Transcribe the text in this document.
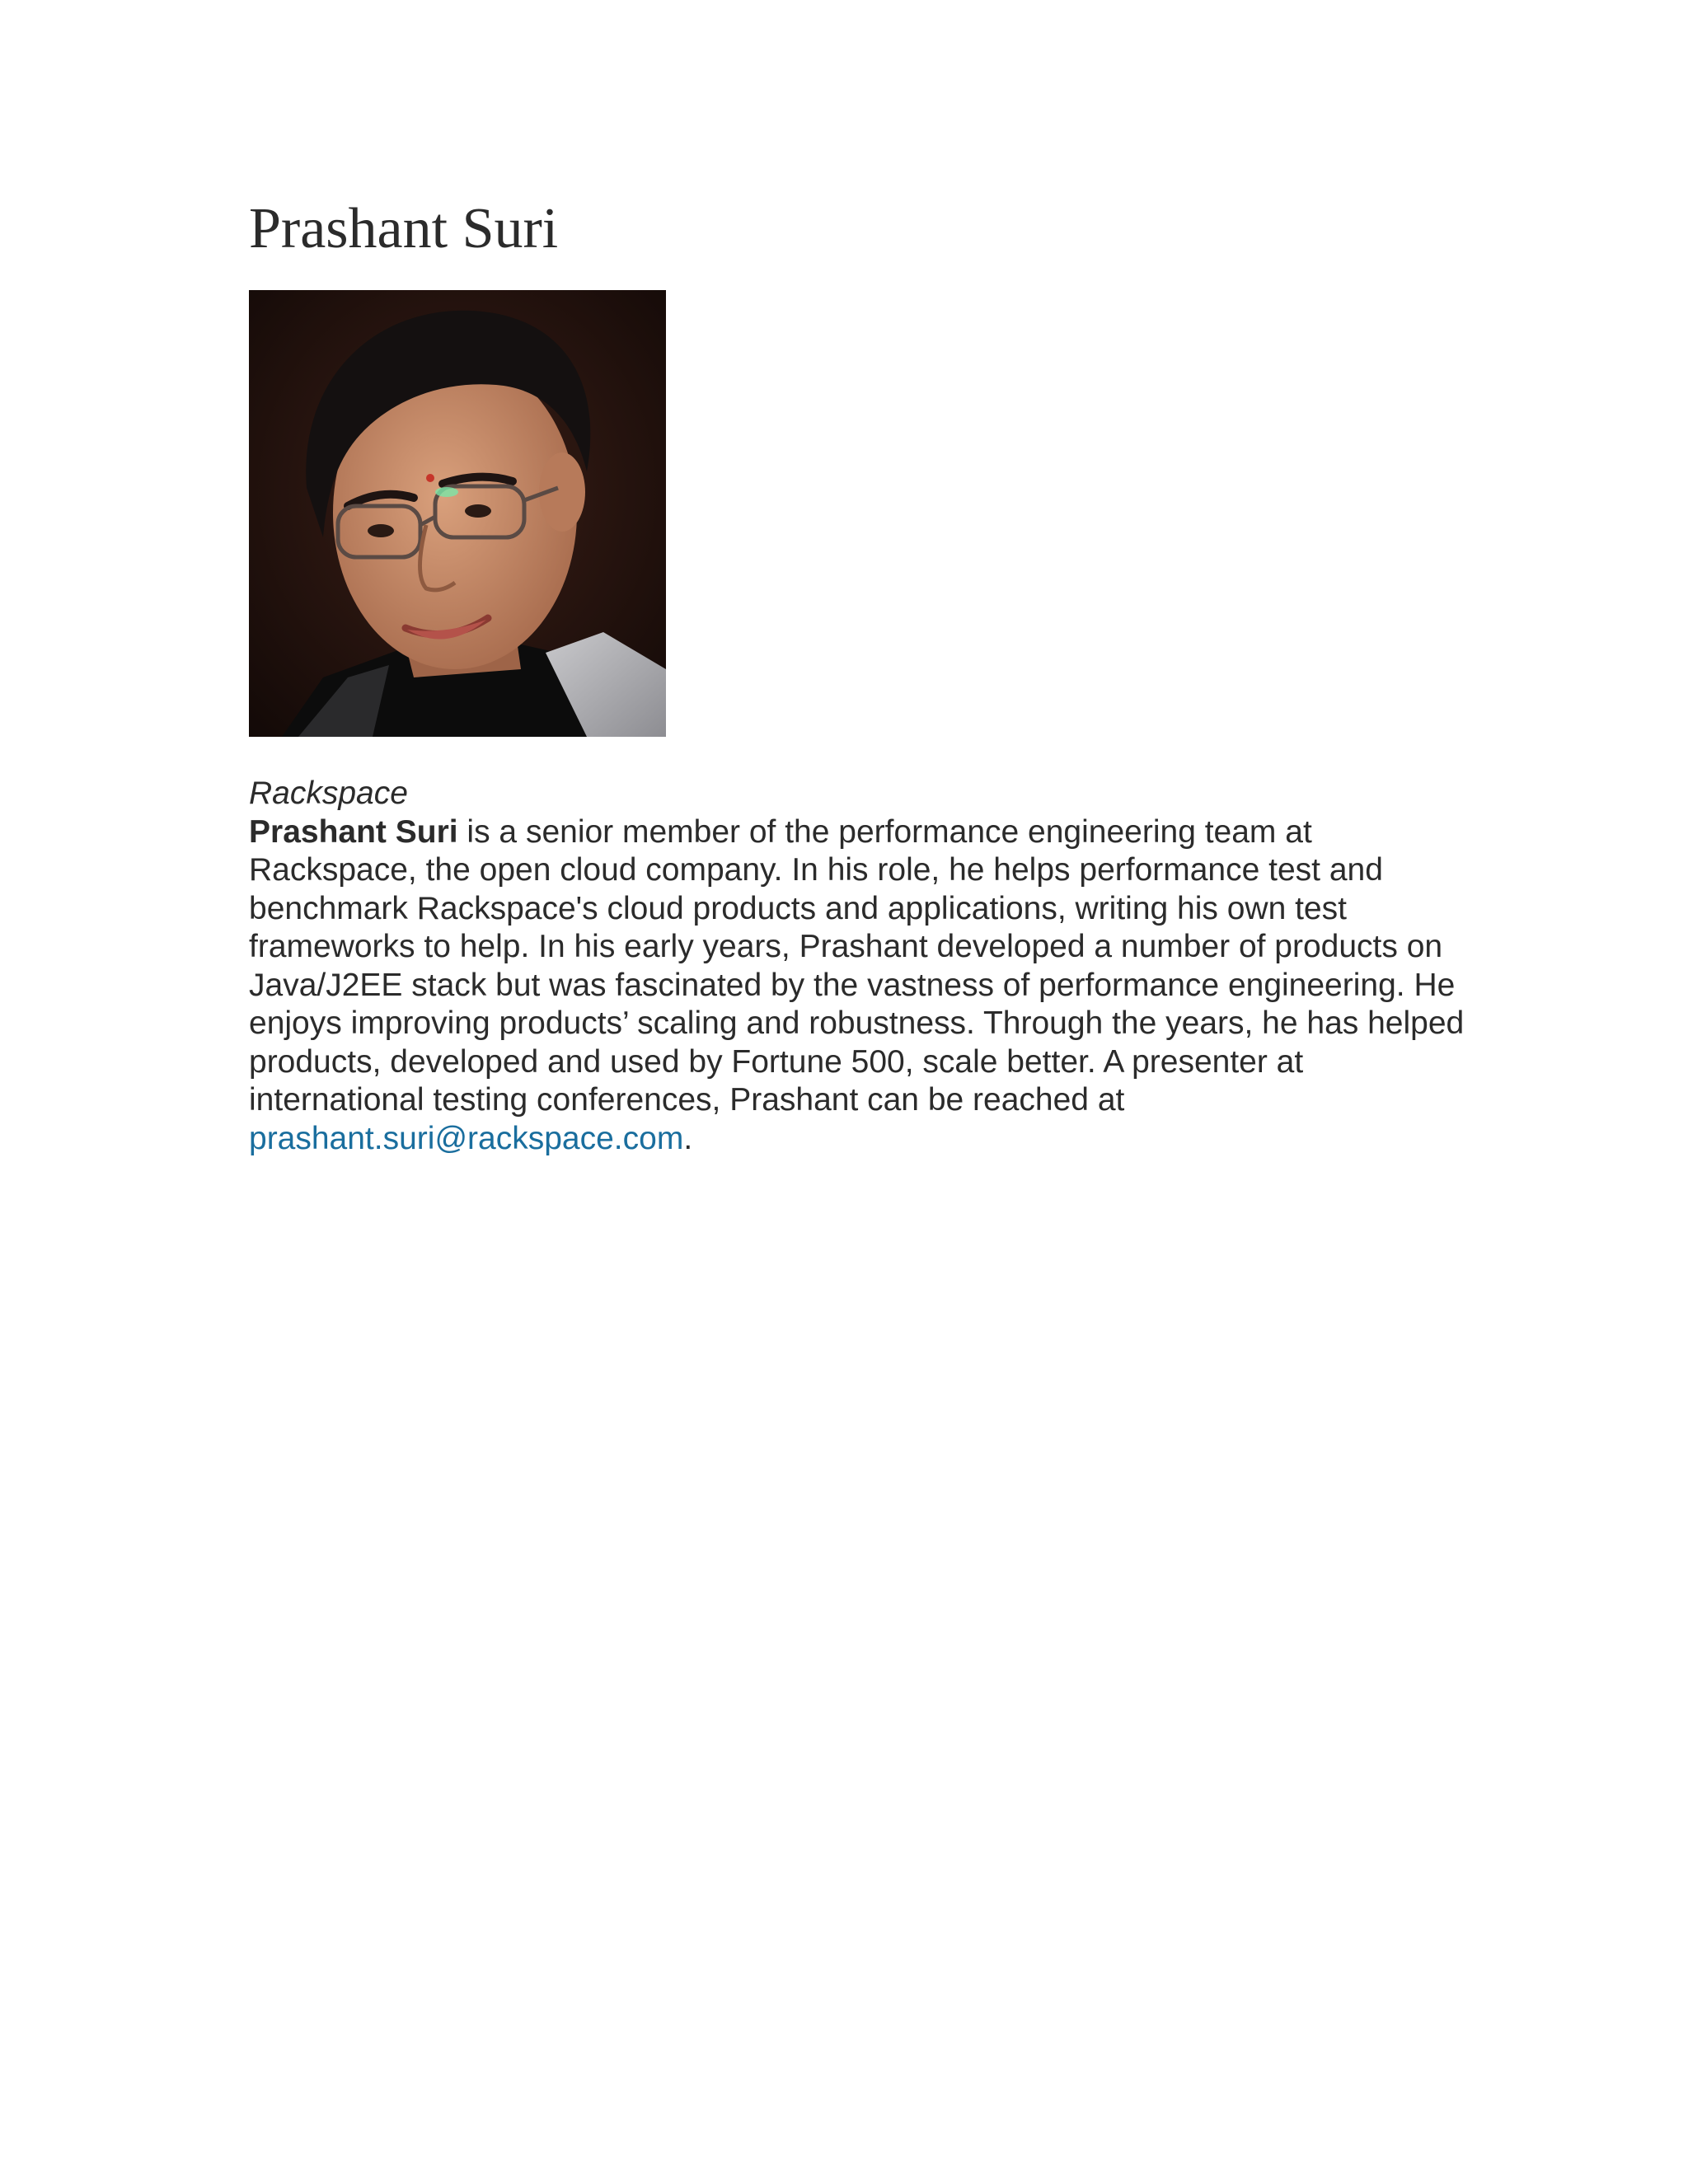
Prashant Suri
Rackspace
Prashant Suri is a senior member of the performance engineering team at Rackspace, the open cloud company. In his role, he helps performance test and benchmark Rackspace's cloud products and applications, writing his own test frameworks to help. In his early years, Prashant developed a number of products on Java/J2EE stack but was fascinated by the vastness of performance engineering. He enjoys improving products’ scaling and robustness. Through the years, he has helped products, developed and used by Fortune 500, scale better. A presenter at international testing conferences, Prashant can be reached at prashant.suri@rackspace.com.
